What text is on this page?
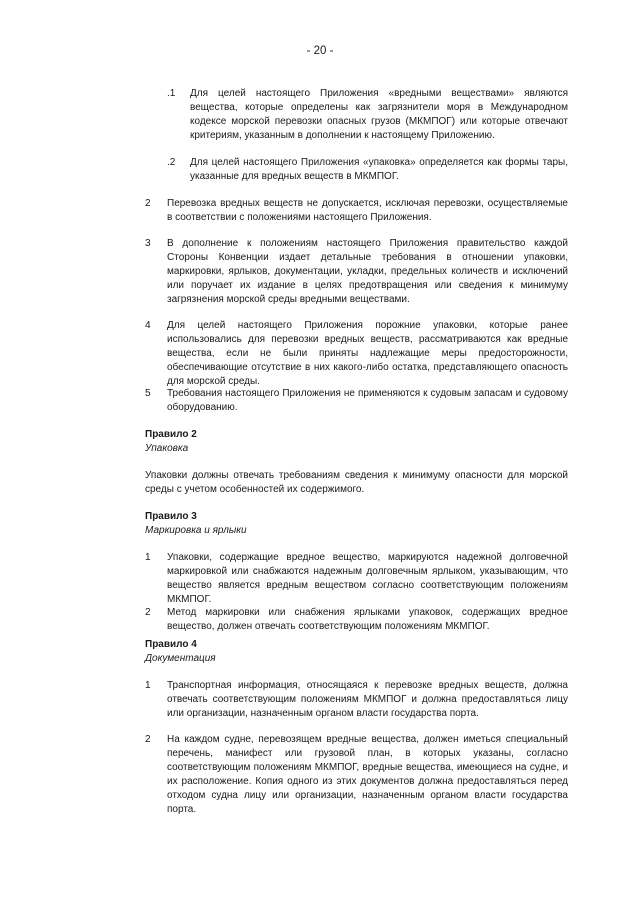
- 20 -
.1 Для целей настоящего Приложения «вредными веществами» являются вещества, которые определены как загрязнители моря в Международном кодексе морской перевозки опасных грузов (МКМПОГ) или которые отвечают критериям, указанным в дополнении к настоящему Приложению.

.2 Для целей настоящего Приложения «упаковка» определяется как формы тары, указанные для вредных веществ в МКМПОГ.

2 Перевозка вредных веществ не допускается, исключая перевозки, осуществляемые в соответствии с положениями настоящего Приложения.

3 В дополнение к положениям настоящего Приложения правительство каждой Стороны Конвенции издает детальные требования в отношении упаковки, маркировки, ярлыков, документации, укладки, предельных количеств и исключений или поручает их издание в целях предотвращения или сведения к минимуму загрязнения морской среды вредными веществами.

4 Для целей настоящего Приложения порожние упаковки, которые ранее использовались для перевозки вредных веществ, рассматриваются как вредные вещества, если не были приняты надлежащие меры предосторожности, обеспечивающие отсутствие в них какого-либо остатка, представляющего опасность для морской среды.

5 Требования настоящего Приложения не применяются к судовым запасам и судовому оборудованию.

Правило 2
Упаковка

Упаковки должны отвечать требованиям сведения к минимуму опасности для морской среды с учетом особенностей их содержимого.

Правило 3
Маркировка и ярлыки
1 Упаковки, содержащие вредное вещество, маркируются надежной долговечной маркировкой или снабжаются надежным долговечным ярлыком, указывающим, что вещество является вредным веществом согласно соответствующим положениям МКМПОГ.

2 Метод маркировки или снабжения ярлыками упаковок, содержащих вредное вещество, должен отвечать соответствующим положениям МКМПОГ.

Правило 4
Документация
1 Транспортная информация, относящаяся к перевозке вредных веществ, должна отвечать соответствующим положениям МКМПОГ и должна предоставляться лицу или организации, назначенным органом власти государства порта.

2 На каждом судне, перевозящем вредные вещества, должен иметься специальный перечень, манифест или грузовой план, в которых указаны, согласно соответствующим положениям МКМПОГ, вредные вещества, имеющиеся на судне, и их расположение. Копия одного из этих документов должна предоставляться перед отходом судна лицу или организации, назначенным органом власти государства порта.
